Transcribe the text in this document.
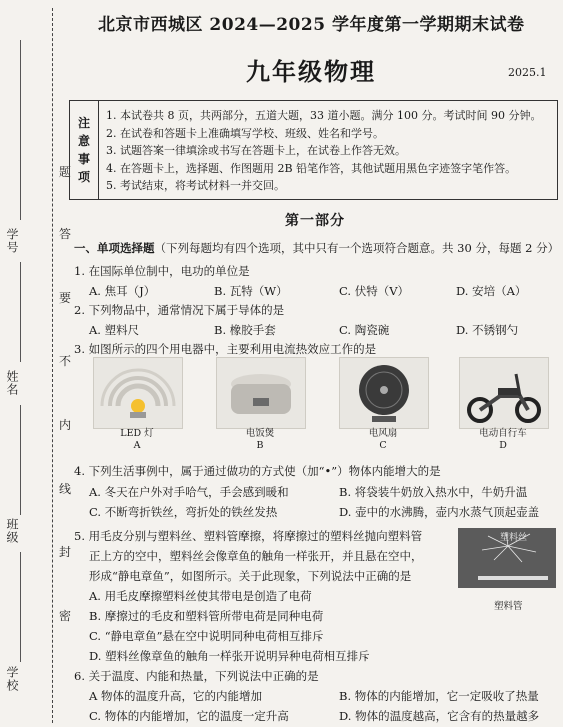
学号
姓名
班级
学校
题
答
要
不
内
线
封
密
北京市西城区 2024—2025 学年度第一学期期末试卷
九年级物理	2025.1
注
意
事
项
1. 本试卷共 8 页，共两部分，五道大题，33 道小题。满分 100 分。考试时间 90 分钟。
2. 在试卷和答题卡上准确填写学校、班级、姓名和学号。
3. 试题答案一律填涂或书写在答题卡上，在试卷上作答无效。
4. 在答题卡上，选择题、作图题用 2B 铅笔作答，其他试题用黑色字迹签字笔作答。
5. 考试结束，将考试材料一并交回。
第一部分
一、单项选择题（下列每题均有四个选项，其中只有一个选项符合题意。共 30 分，每题 2 分）
1. 在国际单位制中，电功的单位是
A. 焦耳（J）	B. 瓦特（W）	C. 伏特（V）	D. 安培（A）
2. 下列物品中，通常情况下属于导体的是
A. 塑料尺	B. 橡胶手套	C. 陶瓷碗	D. 不锈钢勺
3. 如图所示的四个用电器中，主要利用电流热效应工作的是
LED 灯
A
电饭煲
B
电风扇
C
电动自行车
D
4. 下列生活事例中，属于通过做功的方式使（加“•”）物体内能增大的是
A. 冬天在户外对手哈气，手会感到暖和	B. 将袋装牛奶放入热水中，牛奶升温
C. 不断弯折铁丝，弯折处的铁丝发热	D. 壶中的水沸腾，壶内水蒸气顶起壶盖
5. 用毛皮分别与塑料丝、塑料管摩擦，将摩擦过的塑料丝抛向塑料管
正上方的空中，塑料丝会像章鱼的触角一样张开，并且悬在空中，
形成“静电章鱼”，如图所示。关于此现象，下列说法中正确的是
A. 用毛皮摩擦塑料丝使其带电是创造了电荷
B. 摩擦过的毛皮和塑料管所带电荷是同种电荷
C. “静电章鱼”悬在空中说明同种电荷相互排斥
D. 塑料丝像章鱼的触角一样张开说明异种电荷相互排斥
塑料丝
塑料管
6. 关于温度、内能和热量，下列说法中正确的是
A 物体的温度升高，它的内能增加	B. 物体的内能增加，它一定吸收了热量
C. 物体的内能增加，它的温度一定升高	D. 物体的温度越高，它含有的热量越多
